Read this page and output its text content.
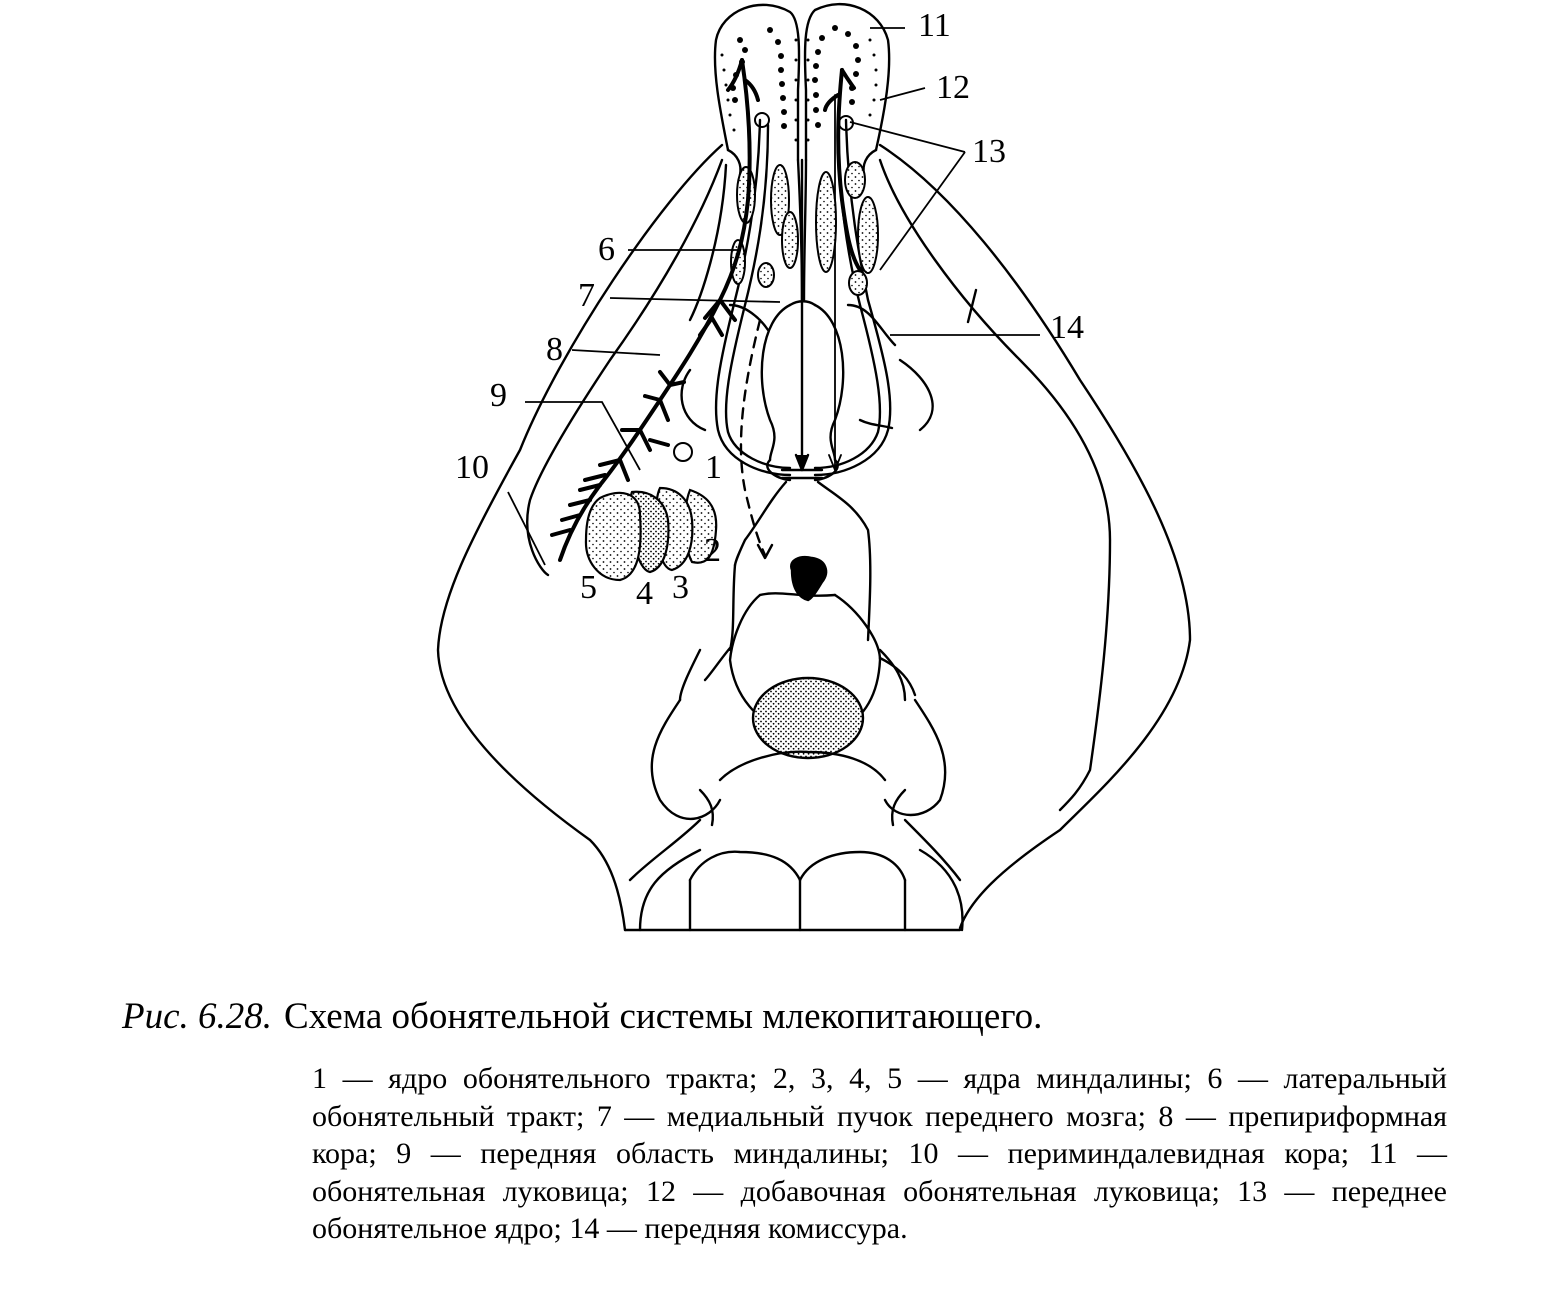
11
12
13
6
7
8
14
9
10	1
2
5 4 3
Рис. 6.28. Схема обонятельной системы млекопитающего.
1 — ядро обонятельного тракта; 2, 3, 4, 5 — ядра миндалины; 6 — латеральный обонятельный тракт; 7 — медиальный пучок переднего мозга; 8 — препириформная кора; 9 — передняя область миндалины; 10 — периминдалевидная кора; 11 — обонятельная луковица; 12 — добавочная обонятельная луковица; 13 — переднее обонятельное ядро; 14 — передняя комиссура.
